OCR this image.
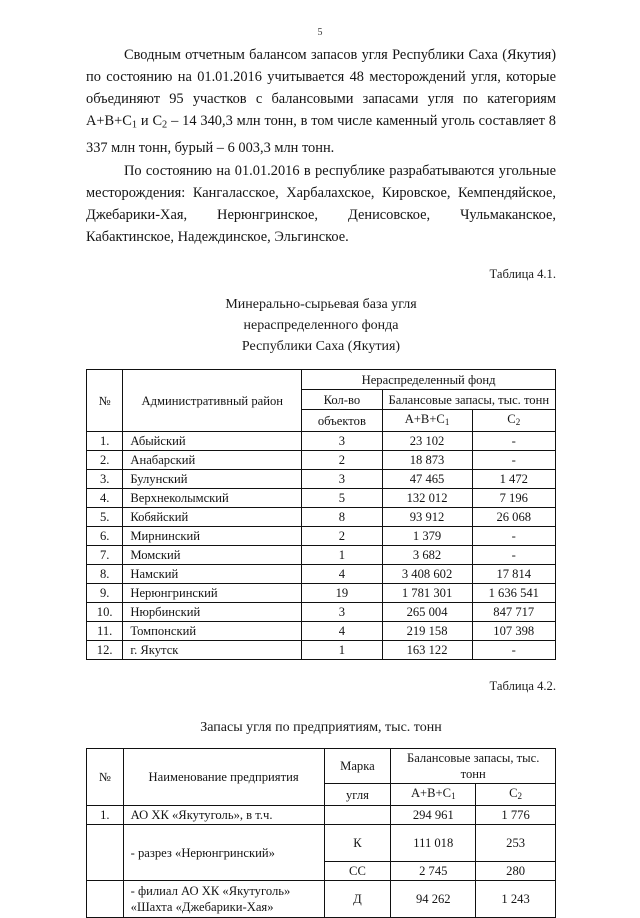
5

Сводным отчетным балансом запасов угля Республики Саха (Якутия) по состоянию на 01.01.2016 учитывается 48 месторождений угля, которые объединяют 95 участков с балансовыми запасами угля по категориям $А+В+С_1$ и $С_2 - 14$ 340,3 млн тонн, в том числе каменный уголь составляет 8 337 млн тонн, бурый – 6 003,3 млн тонн.

По состоянию на 01.01.2016 в республике разрабатываются угольные месторождения: Кангаласское, Харбалахское, Кировское, Кемпендяйское, Джебарики-Хая, Нерюнгринское, Денисовское, Чульмаканское, Кабактинское, Надеждинское, Эльгинское.

Таблица 4.1.
Минерально-сырьевая база угля
нераспределенного фонда
Республики Саха (Якутия)
№	Административный район	Нераспределенный фонд		
		Кол-во	Балансовые запасы, тыс. тонн	
		объектов	$А+В+С_1$	$С_2$
1.	Абыйский	3	23 102	-
2.	Анабарский	2	18 873	-
3.	Булунский	3	47 465	1 472
4.	Верхнеколымский	5	132 012	7 196
5.	Кобяйский	8	93 912	26 068
6.	Мирнинский	2	1 379	-
7.	Момский	1	3 682	-
8.	Намский	4	3 408 602	17 814
9.	Нерюнгринский	19	1 781 301	1 636 541
10.	Нюрбинский	3	265 004	847 717
11.	Томпонский	4	219 158	107 398
12.	г. Якутск	1	163 122	-
Таблица 4.2.
Запасы угля по предприятиям, тыс. тонн
№	Наименование предприятия	Марка	Балансовые запасы, тыс. тонн	
		угля	$А+В+С_1$	$С_2$
1.	АО ХК «Якутуголь», в т.ч.		294 961	1 776
	- разрез «Нерюнгринский»	К	111 018	253
		СС	2 745	280

	- филиал АО ХК «Якутуголь»
«Шахта «Джебарики-Хая»	Д	94 262	1 243
